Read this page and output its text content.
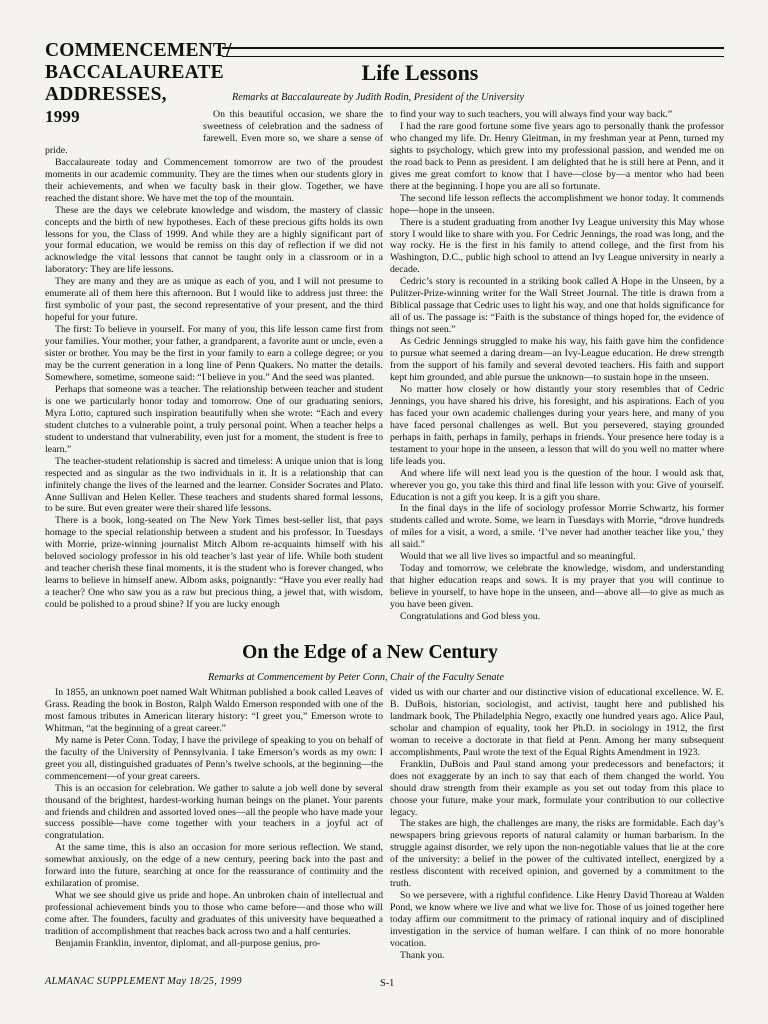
COMMENCEMENT/
BACCALAUREATE
ADDRESSES,
1999
Life Lessons

Remarks at Baccalaureate by Judith Rodin, President of the University

On this beautiful occasion, we share the sweetness of celebration and the sadness of farewell. Even more so, we share a sense of pride.

Baccalaureate today and Commencement tomorrow are two of the proudest moments in our academic community. They are the times when our students glory in their achievements, and when we faculty bask in their glow. Together, we have reached the distant shore. We have met the top of the mountain.

These are the days we celebrate knowledge and wisdom, the mastery of classic concepts and the birth of new hypotheses. Each of these precious gifts holds its own lessons for you, the Class of 1999. And while they are a highly significant part of your formal education, we would be remiss on this day of reflection if we did not acknowledge the vital lessons that cannot be taught only in a classroom or in a laboratory: They are life lessons.

They are many and they are as unique as each of you, and I will not presume to enumerate all of them here this afternoon. But I would like to address just three: the first symbolic of your past, the second representative of your present, and the third hopeful for your future.

The first: To believe in yourself. For many of you, this life lesson came first from your families. Your mother, your father, a grandparent, a favorite aunt or uncle, even a sister or brother. You may be the first in your family to earn a college degree; or you may be the current generation in a long line of Penn Quakers. No matter the details. Somewhere, sometime, someone said: “I believe in you.” And the seed was planted.

Perhaps that someone was a teacher. The relationship between teacher and student is one we particularly honor today and tomorrow. One of our graduating seniors, Myra Lotto, captured such inspiration beautifully when she wrote: “Each and every student clutches to a vulnerable point, a truly personal point. When a teacher helps a student to understand that vulnerability, even just for a moment, the student is free to learn.”

The teacher-student relationship is sacred and timeless: A unique union that is long respected and as singular as the two individuals in it. It is a relationship that can infinitely change the lives of the learned and the learner. Consider Socrates and Plato. Anne Sullivan and Helen Keller. These teachers and students shared formal lessons, to be sure. But even greater were their shared life lessons.

There is a book, long-seated on The New York Times best-seller list, that pays homage to the special relationship between a student and his professor. In Tuesdays with Morrie, prize-winning journalist Mitch Albom re-acquaints himself with his beloved sociology professor in his old teacher’s last year of life. While both student and teacher cherish these final moments, it is the student who is forever changed, who learns to believe in himself anew. Albom asks, poignantly: “Have you ever really had a teacher? One who saw you as a raw but precious thing, a jewel that, with wisdom, could be polished to a proud shine? If you are lucky enough

to find your way to such teachers, you will always find your way back.”

I had the rare good fortune some five years ago to personally thank the professor who changed my life. Dr. Henry Gleitman, in my freshman year at Penn, turned my sights to psychology, which grew into my professional passion, and wended me on the road back to Penn as president. I am delighted that he is still here at Penn, and it gives me great comfort to know that I have—close by—a mentor who had been there at the beginning. I hope you are all so fortunate.

The second life lesson reflects the accomplishment we honor today. It commends hope—hope in the unseen.

There is a student graduating from another Ivy League university this May whose story I would like to share with you. For Cedric Jennings, the road was long, and the way rocky. He is the first in his family to attend college, and the first from his Washington, D.C., public high school to attend an Ivy League university in nearly a decade.

Cedric’s story is recounted in a striking book called A Hope in the Unseen, by a Pulitzer-Prize-winning writer for the Wall Street Journal. The title is drawn from a Biblical passage that Cedric uses to light his way, and one that holds significance for all of us. The passage is: “Faith is the substance of things hoped for, the evidence of things not seen.”

As Cedric Jennings struggled to make his way, his faith gave him the confidence to pursue what seemed a daring dream—an Ivy-League education. He drew strength from the support of his family and several devoted teachers. His faith and support kept him grounded, and able pursue the unknown—to sustain hope in the unseen.

No matter how closely or how distantly your story resembles that of Cedric Jennings, you have shared his drive, his foresight, and his aspirations. Each of you has faced your own academic challenges during your years here, and many of you have faced personal challenges as well. But you persevered, staying grounded perhaps in faith, perhaps in family, perhaps in friends. Your presence here today is a testament to your hope in the unseen, a lesson that will do you well no matter where life leads you.

And where life will next lead you is the question of the hour. I would ask that, wherever you go, you take this third and final life lesson with you: Give of yourself. Education is not a gift you keep. It is a gift you share.

In the final days in the life of sociology professor Morrie Schwartz, his former students called and wrote. Some, we learn in Tuesdays with Morrie, “drove hundreds of miles for a visit, a word, a smile. ‘I’ve never had another teacher like you,’ they all said.”

Would that we all live lives so impactful and so meaningful.

Today and tomorrow, we celebrate the knowledge, wisdom, and understanding that higher education reaps and sows. It is my prayer that you will continue to believe in yourself, to have hope in the unseen, and—above all—to give as much as you have been given.

Congratulations and God bless you.

On the Edge of a New Century

Remarks at Commencement by Peter Conn, Chair of the Faculty Senate

In 1855, an unknown poet named Walt Whitman published a book called Leaves of Grass. Reading the book in Boston, Ralph Waldo Emerson responded with one of the most famous tributes in American literary history: “I greet you,” Emerson wrote to Whitman, “at the beginning of a great career.”

My name is Peter Conn. Today, I have the privilege of speaking to you on behalf of the faculty of the University of Pennsylvania. I take Emerson’s words as my own: I greet you all, distinguished graduates of Penn’s twelve schools, at the beginning—the commencement—of your great careers.

This is an occasion for celebration. We gather to salute a job well done by several thousand of the brightest, hardest-working human beings on the planet. Your parents and friends and children and assorted loved ones—all the people who have made your success possible—have come together with your teachers in a joyful act of congratulation.

At the same time, this is also an occasion for more serious reflection. We stand, somewhat anxiously, on the edge of a new century, peering back into the past and forward into the future, searching at once for the reassurance of continuity and the exhilaration of promise.

What we see should give us pride and hope. An unbroken chain of intellectual and professional achievement binds you to those who came before—and those who will come after. The founders, faculty and graduates of this university have bequeathed a tradition of accomplishment that reaches back across two and a half centuries.

Benjamin Franklin, inventor, diplomat, and all-purpose genius, pro-

vided us with our charter and our distinctive vision of educational excellence. W. E. B. DuBois, historian, sociologist, and activist, taught here and published his landmark book, The Philadelphia Negro, exactly one hundred years ago. Alice Paul, scholar and champion of equality, took her Ph.D. in sociology in 1912, the first woman to receive a doctorate in that field at Penn. Among her many subsequent accomplishments, Paul wrote the text of the Equal Rights Amendment in 1923.

Franklin, DuBois and Paul stand among your predecessors and benefactors; it does not exaggerate by an inch to say that each of them changed the world. You should draw strength from their example as you set out today from this place to choose your future, make your mark, formulate your contribution to our collective legacy.

The stakes are high, the challenges are many, the risks are formidable. Each day’s newspapers bring grievous reports of natural calamity or human barbarism. In the struggle against disorder, we rely upon the non-negotiable values that lie at the core of the university: a belief in the power of the cultivated intellect, energized by a restless discontent with received opinion, and governed by a commitment to the truth.

So we persevere, with a rightful confidence. Like Henry David Thoreau at Walden Pond, we know where we live and what we live for. Those of us joined together here today affirm our commitment to the primacy of rational inquiry and of disciplined investigation in the service of human welfare. I can think of no more honorable vocation.

Thank you.

ALMANAC SUPPLEMENT May 18/25, 1999	S-1
